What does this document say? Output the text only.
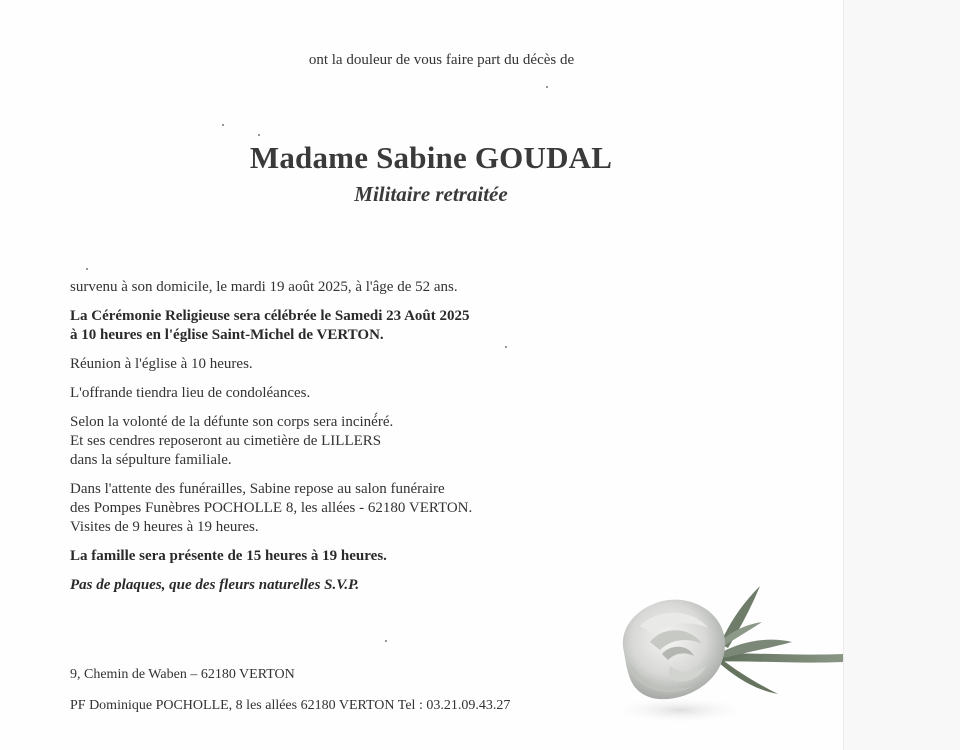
ont la douleur de vous faire part du décès de
Madame Sabine GOUDAL
Militaire retraitée

survenu à son domicile, le mardi 19 août 2025, à l'âge de 52 ans.

La Cérémonie Religieuse sera célébrée le Samedi 23 Août 2025

à 10 heures en l'église Saint-Michel de VERTON.

Réunion à l'église à 10 heures.

L'offrande tiendra lieu de condoléances.

Selon la volonté de la défunte son corps sera inciné́ré.

Et ses cendres reposeront au cimetière de LILLERS

dans la sépulture familiale.

Dans l'attente des funérailles, Sabine repose au salon funéraire

des Pompes Funèbres POCHOLLE 8, les allées - 62180 VERTON.

Visites de 9 heures à 19 heures.

La famille sera présente de 15 heures à 19 heures.

Pas de plaques, que des fleurs naturelles S.V.P.

9, Chemin de Waben – 62180 VERTON
PF Dominique POCHOLLE, 8 les allées 62180 VERTON Tel : 03.21.09.43.27
